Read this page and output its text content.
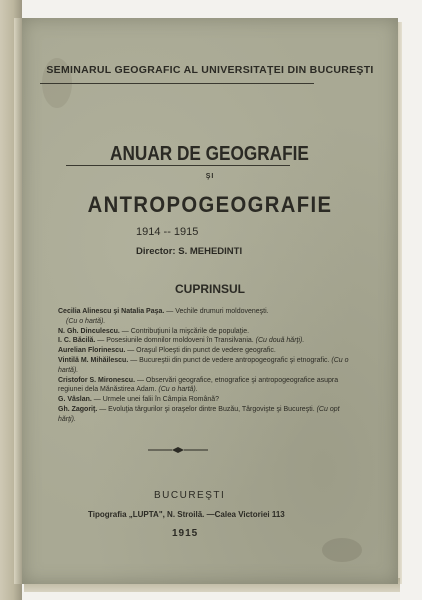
SEMINARUL GEOGRAFIC AL UNIVERSITAŢEI DIN BUCUREŞTI
ANUAR DE GEOGRAFIE
ŞI
ANTROPOGEOGRAFIE
1914 -- 1915
Director: S. MEHEDINTI
CUPRINSUL
Cecilia Alinescu şi Natalia Paşa. — Vechile drumuri moldoveneşti.
(Cu o hartă).
N. Gh. Dinculescu. — Contribuţiuni la mişcările de populaţie.
I. C. Băcilă. — Posesiunile domnilor moldoveni în Transilvania. (Cu două hărţi).
Aurelian Florinescu. — Oraşul Ploeşti din punct de vedere geografic.
Vintilă M. Mihăilescu. — Bucureştii din punct de vedere antropogeografic şi etnografic. (Cu o hartă).
Cristofor S. Mironescu. — Observări geografice, etnografice şi antropogeografice asupra regiunei dela Mănăstirea Adam. (Cu o hartă).
G. Vâslan. — Urmele unei falii în Câmpia Română?
Gh. Zagoriţ. — Evoluţia târgurilor şi oraşelor dintre Buzău, Târgovişte şi Bucureşti. (Cu opt hărţi).
BUCUREŞTI
Tipografia „LUPTA", N. Stroilă. —Calea Victoriei 113
1915
